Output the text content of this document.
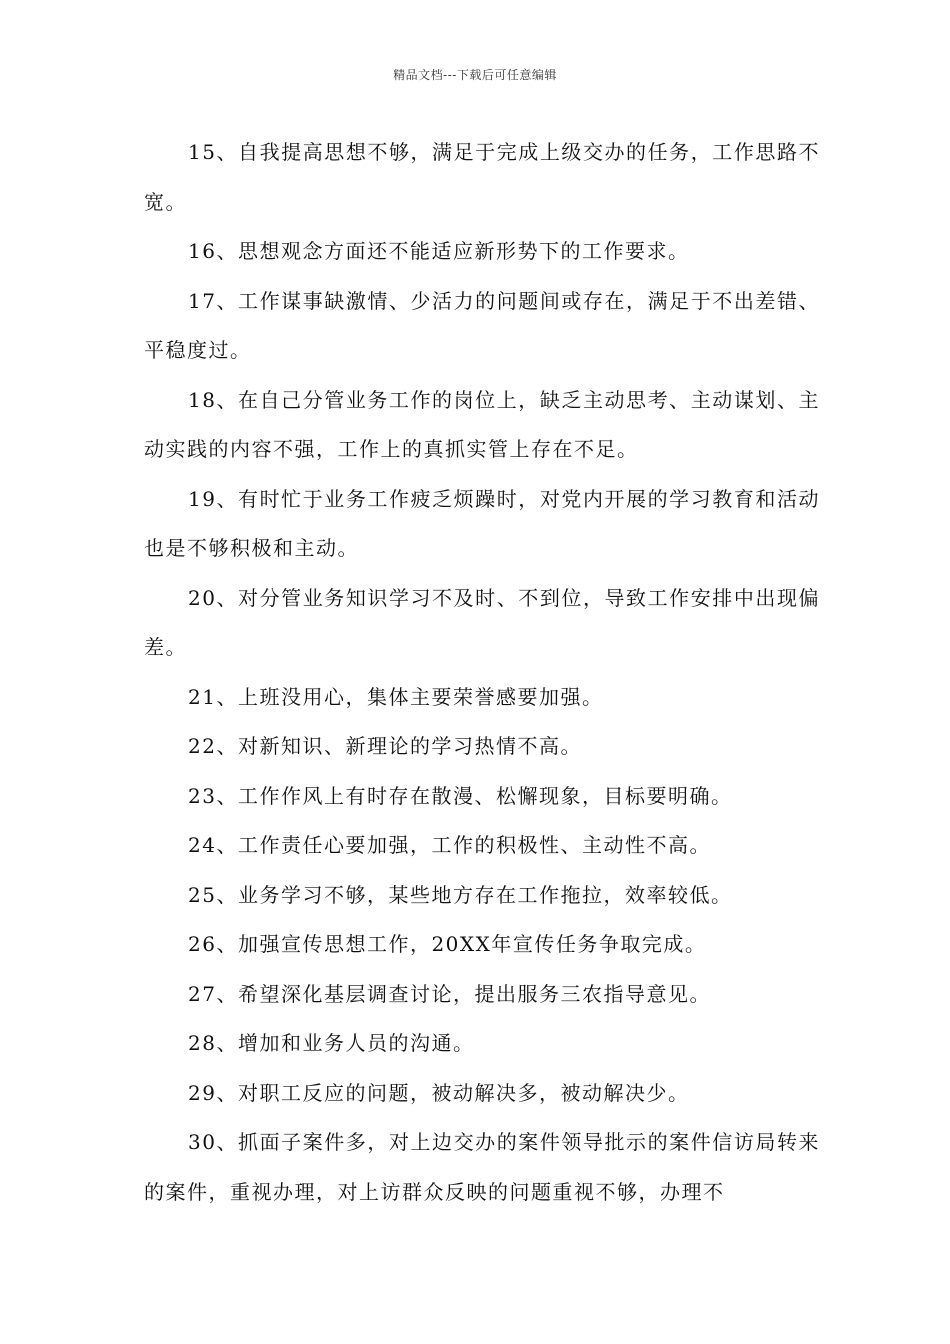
精品文档---下载后可任意编辑

15、自我提高思想不够，满足于完成上级交办的任务，工作思路不宽。

16、思想观念方面还不能适应新形势下的工作要求。

17、工作谋事缺激情、少活力的问题间或存在，满足于不出差错、平稳度过。

18、在自己分管业务工作的岗位上，缺乏主动思考、主动谋划、主动实践的内容不强，工作上的真抓实管上存在不足。

19、有时忙于业务工作疲乏烦躁时，对党内开展的学习教育和活动也是不够积极和主动。

20、对分管业务知识学习不及时、不到位，导致工作安排中出现偏差。

21、上班没用心，集体主要荣誉感要加强。

22、对新知识、新理论的学习热情不高。

23、工作作风上有时存在散漫、松懈现象，目标要明确。

24、工作责任心要加强，工作的积极性、主动性不高。

25、业务学习不够，某些地方存在工作拖拉，效率较低。

26、加强宣传思想工作，20XX年宣传任务争取完成。

27、希望深化基层调查讨论，提出服务三农指导意见。

28、增加和业务人员的沟通。

29、对职工反应的问题，被动解决多，被动解决少。

30、抓面子案件多，对上边交办的案件领导批示的案件信访局转来的案件，重视办理，对上访群众反映的问题重视不够，办理不
